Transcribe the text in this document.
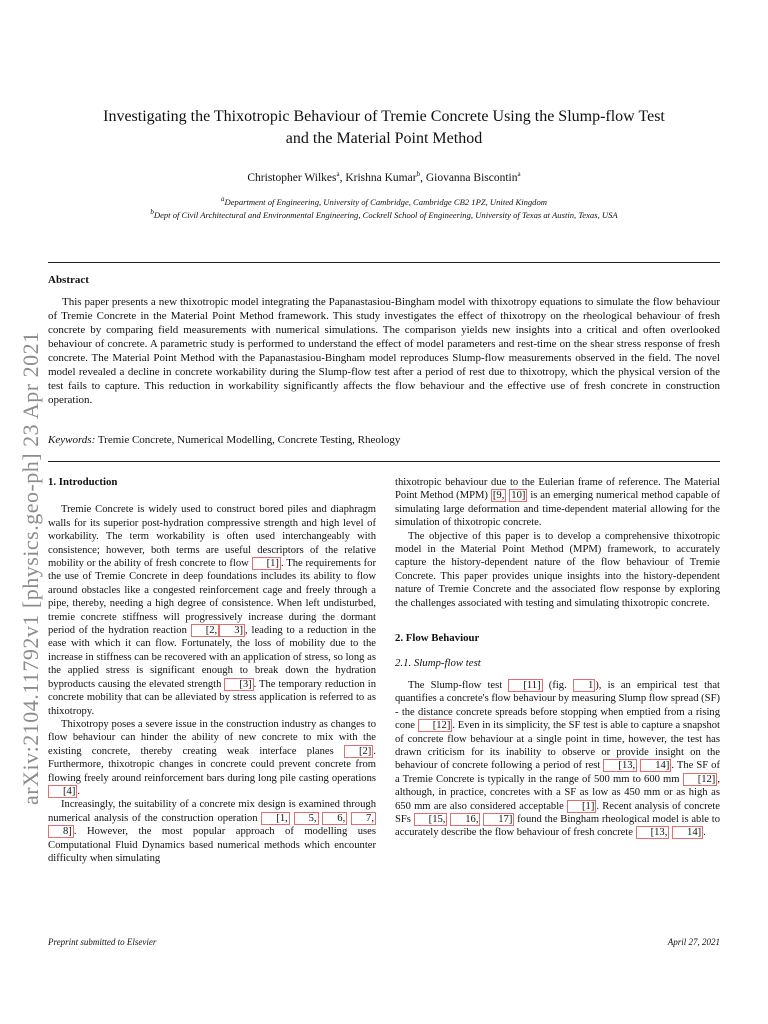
arXiv:2104.11792v1 [physics.geo-ph] 23 Apr 2021
Investigating the Thixotropic Behaviour of Tremie Concrete Using the Slump-flow Test
and the Material Point Method
Christopher Wilkes$^a$, Krishna Kumar$^b$, Giovanna Biscontin$^a$
$^a$Department of Engineering, University of Cambridge, Cambridge CB2 1PZ, United Kingdom
$^b$Dept of Civil Architectural and Environmental Engineering, Cockrell School of Engineering, University of Texas at Austin, Texas, USA
Abstract
This paper presents a new thixotropic model integrating the Papanastasiou-Bingham model with thixotropy equations to simulate the flow behaviour of Tremie Concrete in the Material Point Method framework. This study investigates the effect of thixotropy on the rheological behaviour of fresh concrete by comparing field measurements with numerical simulations. The comparison yields new insights into a critical and often overlooked behaviour of concrete. A parametric study is performed to understand the effect of model parameters and rest-time on the shear stress response of fresh concrete. The Material Point Method with the Papanastasiou-Bingham model reproduces Slump-flow measurements observed in the field. The novel model revealed a decline in concrete workability during the Slump-flow test after a period of rest due to thixotropy, which the physical version of the test fails to capture. This reduction in workability significantly affects the flow behaviour and the effective use of fresh concrete in construction operation.
Keywords: Tremie Concrete, Numerical Modelling, Concrete Testing, Rheology
1. Introduction

Tremie Concrete is widely used to construct bored piles and diaphragm walls for its superior post-hydration compressive strength and high level of workability. The term workability is often used interchangeably with consistence; however, both terms are useful descriptors of the relative mobility or the ability of fresh concrete to flow [1] . The requirements for the use of Tremie Concrete in deep foundations includes its ability to flow around obstacles like a congested reinforcement cage and freely through a pipe, thereby, needing a high degree of consistence. When left undisturbed, tremie concrete stiffness will progressively increase during the dormant period of the hydration reaction [2, 3] , leading to a reduction in the ease with which it can flow. Fortunately, the loss of mobility due to the increase in stiffness can be recovered with an application of stress, so long as the applied stress is significant enough to break down the hydration byproducts causing the elevated strength [3] . The temporary reduction in concrete mobility that can be alleviated by stress application is referred to as thixotropy.

Thixotropy poses a severe issue in the construction industry as changes to flow behaviour can hinder the ability of new concrete to mix with the existing concrete, thereby creating weak interface planes [2] . Furthermore, thixotropic changes in concrete could prevent concrete from flowing freely around reinforcement bars during long pile casting operations [4] .

Increasingly, the suitability of a concrete mix design is examined through numerical analysis of the construction operation [1, 5, 6, 7, 8] . However, the most popular approach of modelling uses Computational Fluid Dynamics based numerical methods which encounter difficulty when simulating

thixotropic behaviour due to the Eulerian frame of reference. The Material Point Method (MPM) [9, 10] is an emerging numerical method capable of simulating large deformation and time-dependent material allowing for the simulation of thixotropic concrete.

The objective of this paper is to develop a comprehensive thixotropic model in the Material Point Method (MPM) framework, to accurately capture the history-dependent nature of the flow behaviour of Tremie Concrete. This paper provides unique insights into the history-dependent nature of Tremie Concrete and the associated flow response by exploring the challenges associated with testing and simulating thixotropic concrete.

2. Flow Behaviour
2.1. Slump-flow test

The Slump-flow test [11] (fig. 1 ), is an empirical test that quantifies a concrete's flow behaviour by measuring Slump flow spread (SF) - the distance concrete spreads before stopping when emptied from a rising cone [12] . Even in its simplicity, the SF test is able to capture a snapshot of concrete flow behaviour at a single point in time, however, the test has drawn criticism for its inability to observe or provide insight on the behaviour of concrete following a period of rest [13, 14] . The SF of a Tremie Concrete is typically in the range of 500 mm to 600 mm [12] , although, in practice, concretes with a SF as low as 450 mm or as high as 650 mm are also considered acceptable [1] . Recent analysis of concrete SFs [15, 16, 17] found the Bingham rheological model is able to accurately describe the flow behaviour of fresh concrete [13, 14] .

Preprint submitted to Elsevier	April 27, 2021
